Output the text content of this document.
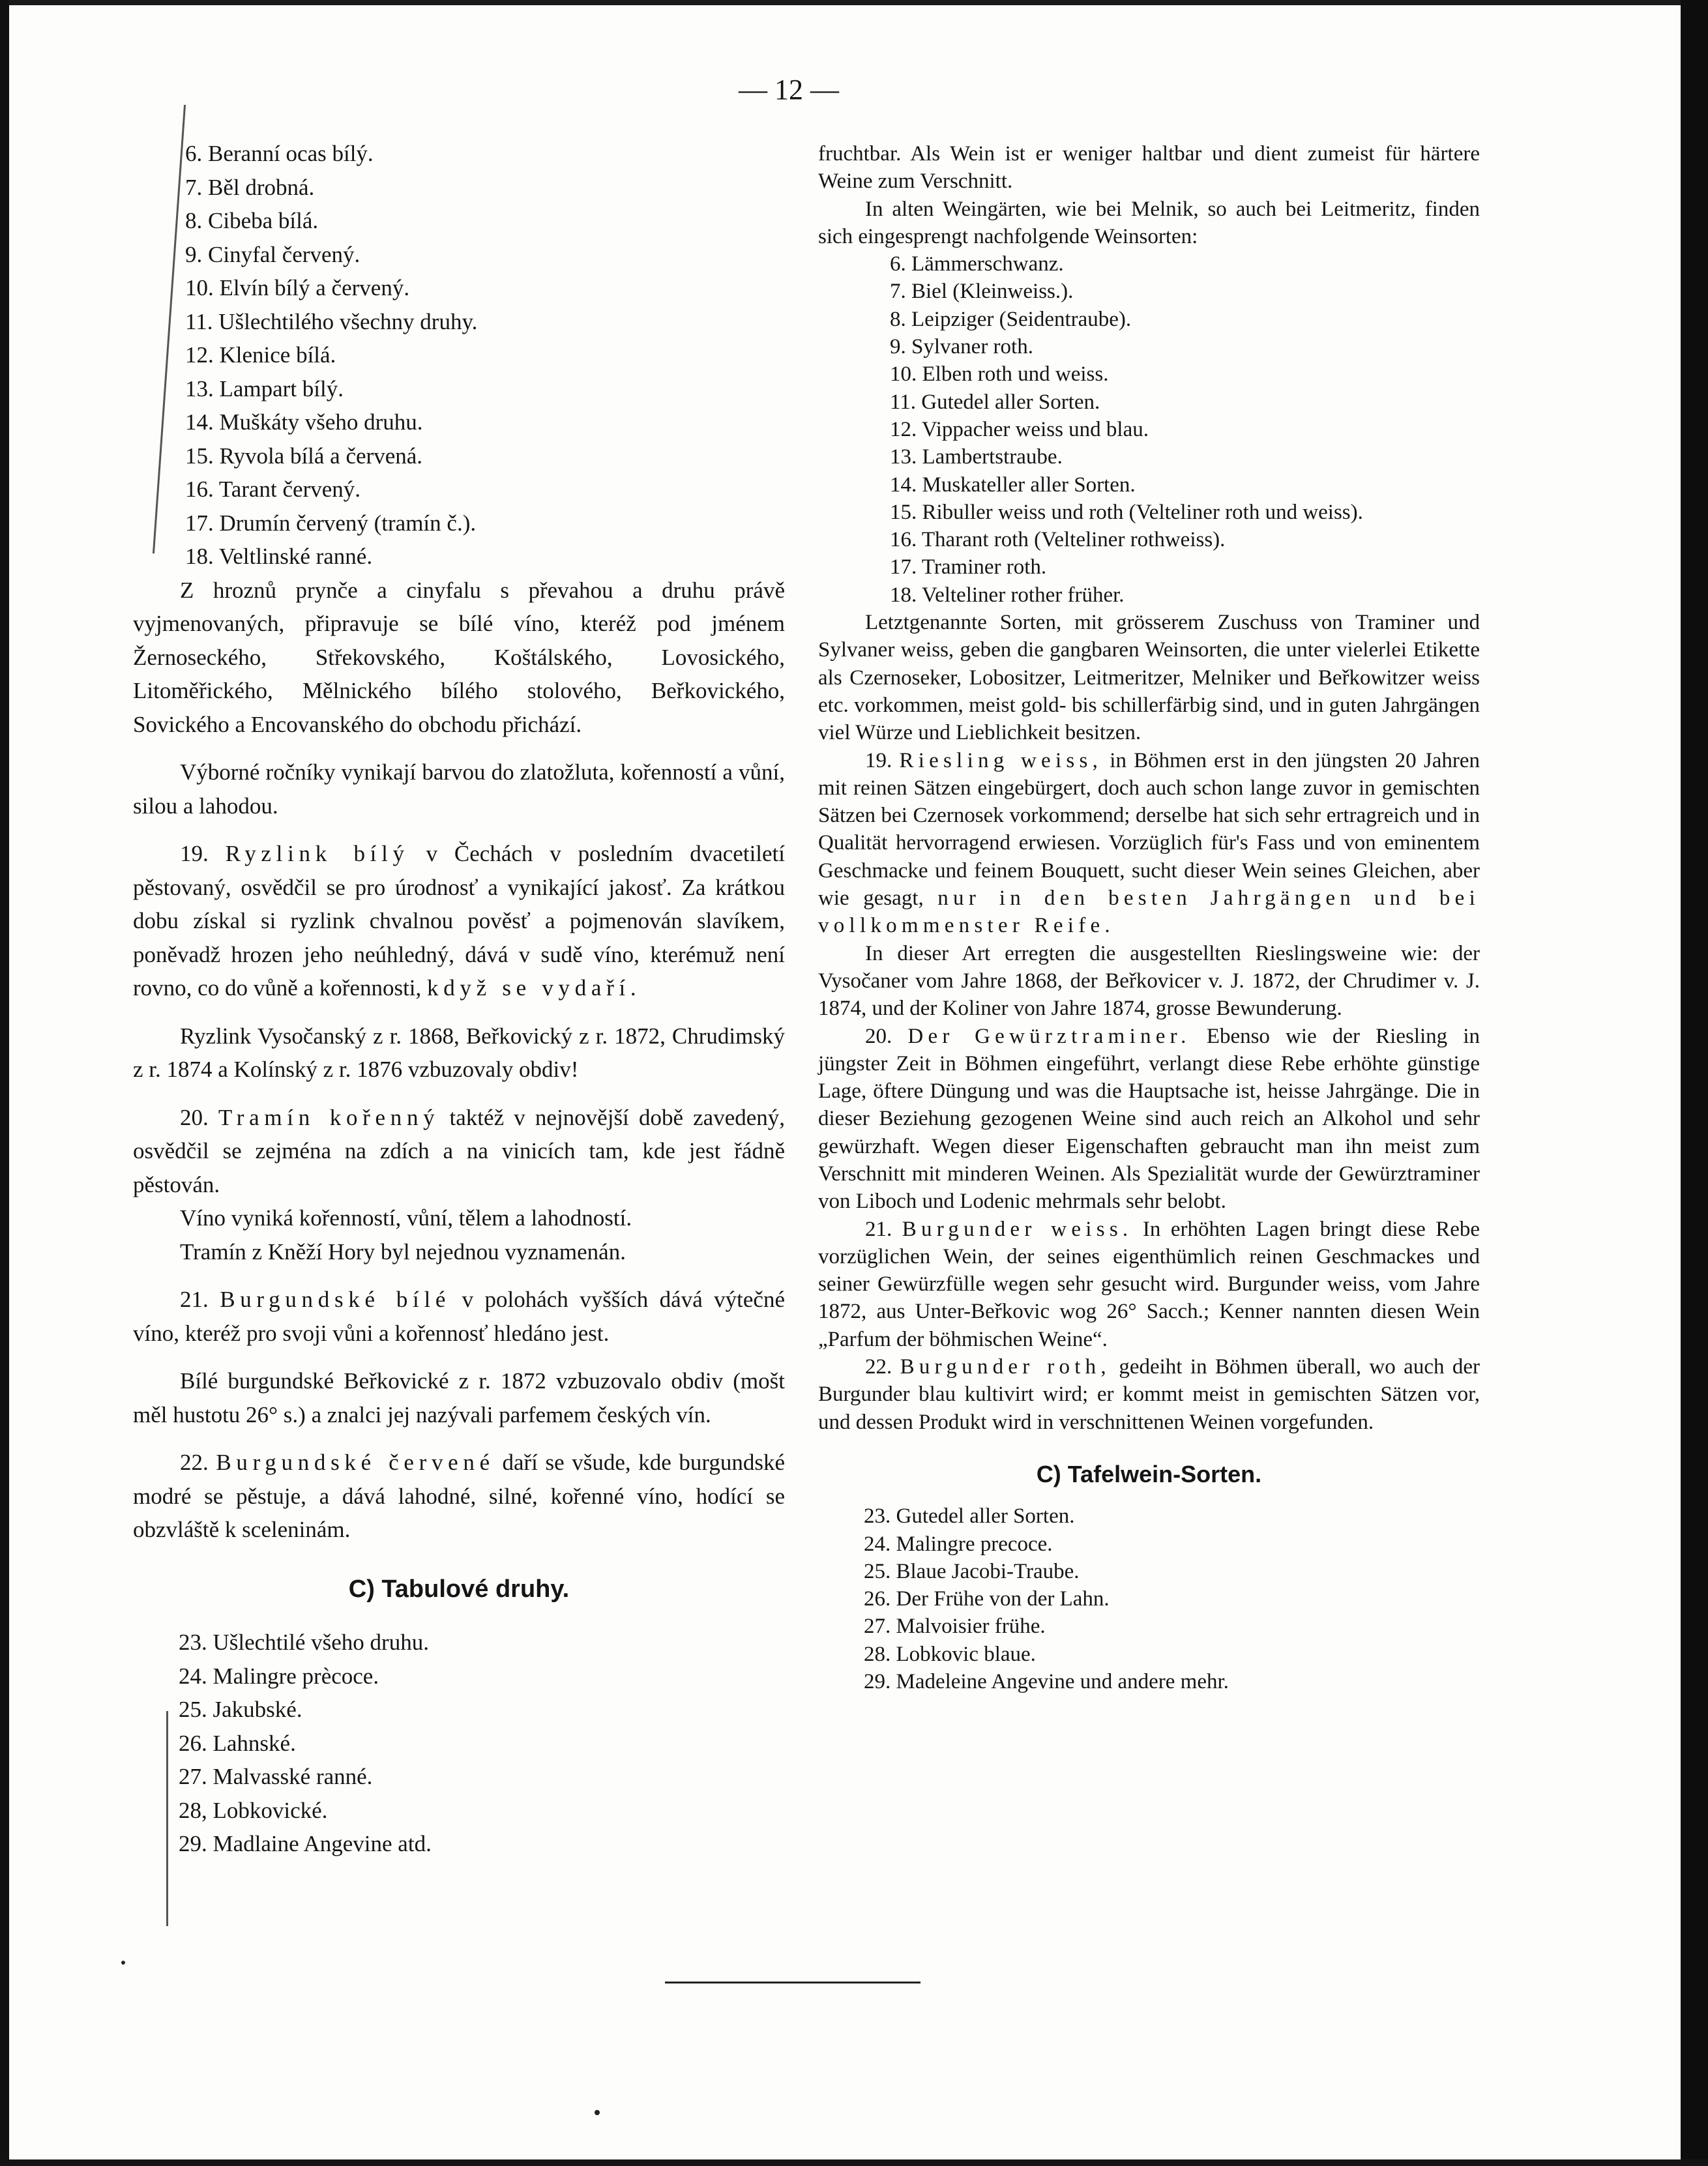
— 12 —

6. Beranní ocas bílý.

7. Běl drobná.

8. Cibeba bílá.

9. Cinyfal červený.

10. Elvín bílý a červený.

11. Ušlechtilého všechny druhy.

12. Klenice bílá.

13. Lampart bílý.

14. Muškáty všeho druhu.

15. Ryvola bílá a červená.

16. Tarant červený.

17. Drumín červený (tramín č.).

18. Veltlinské ranné.

Z hroznů prynče a cinyfalu s převahou a druhu právě vyjmenovaných, připravuje se bílé víno, kteréž pod jménem Žernoseckého, Střekovského, Koštálského, Lovosického, Litoměřického, Mělnického bílého stolového, Beřkovického, Sovického a Encovanského do obchodu přichází.

Výborné ročníky vynikají barvou do zlatožluta, kořenností a vůní, silou a lahodou.

19. Ryzlink bílý v Čechách v posledním dvacetiletí pěstovaný, osvědčil se pro úrodnosť a vynikající jakosť. Za krátkou dobu získal si ryzlink chvalnou pověsť a pojmenován slavíkem, poněvadž hrozen jeho neúhledný, dává v sudě víno, kterémuž není rovno, co do vůně a kořennosti, když se vydaří.

Ryzlink Vysočanský z r. 1868, Beřkovický z r. 1872, Chrudimský z r. 1874 a Kolínský z r. 1876 vzbuzovaly obdiv!

20. Tramín kořenný taktéž v nejnovější době zavedený, osvědčil se zejména na zdích a na vinicích tam, kde jest řádně pěstován.

Víno vyniká kořenností, vůní, tělem a lahodností.

Tramín z Kněží Hory byl nejednou vyznamenán.

21. Burgundské bílé v polohách vyšších dává výtečné víno, kteréž pro svoji vůni a kořennosť hledáno jest.

Bílé burgundské Beřkovické z r. 1872 vzbuzovalo obdiv (mošt měl hustotu 26° s.) a znalci jej nazývali parfemem českých vín.

22. Burgundské červené daří se všude, kde burgundské modré se pěstuje, a dává lahodné, silné, kořenné víno, hodící se obzvláště k sceleninám.

C) Tabulové druhy.

23. Ušlechtilé všeho druhu.

24. Malingre prècoce.

25. Jakubské.

26. Lahnské.

27. Malvasské ranné.

28, Lobkovické.

29. Madlaine Angevine atd.

fruchtbar. Als Wein ist er weniger haltbar und dient zumeist für härtere Weine zum Verschnitt.

In alten Weingärten, wie bei Melnik, so auch bei Leitmeritz, finden sich eingesprengt nachfolgende Weinsorten:

6. Lämmerschwanz.

7. Biel (Kleinweiss.).

8. Leipziger (Seidentraube).

9. Sylvaner roth.

10. Elben roth und weiss.

11. Gutedel aller Sorten.

12. Vippacher weiss und blau.

13. Lambertstraube.

14. Muskateller aller Sorten.

15. Ribuller weiss und roth (Velteliner roth und weiss).

16. Tharant roth (Velteliner rothweiss).

17. Traminer roth.

18. Velteliner rother früher.

Letztgenannte Sorten, mit grösserem Zuschuss von Traminer und Sylvaner weiss, geben die gangbaren Weinsorten, die unter vielerlei Etikette als Czernoseker, Lobositzer, Leitmeritzer, Melniker und Beřkowitzer weiss etc. vorkommen, meist gold- bis schillerfärbig sind, und in guten Jahrgängen viel Würze und Lieblichkeit besitzen.

19. Riesling weiss, in Böhmen erst in den jüngsten 20 Jahren mit reinen Sätzen eingebürgert, doch auch schon lange zuvor in gemischten Sätzen bei Czernosek vorkommend; derselbe hat sich sehr ertragreich und in Qualität hervorragend erwiesen. Vorzüglich für's Fass und von eminentem Geschmacke und feinem Bouquett, sucht dieser Wein seines Gleichen, aber wie gesagt, nur in den besten Jahrgängen und bei vollkommenster Reife.

In dieser Art erregten die ausgestellten Rieslingsweine wie: der Vysočaner vom Jahre 1868, der Beřkovicer v. J. 1872, der Chrudimer v. J. 1874, und der Koliner von Jahre 1874, grosse Bewunderung.

20. Der Gewürztraminer. Ebenso wie der Riesling in jüngster Zeit in Böhmen eingeführt, verlangt diese Rebe erhöhte günstige Lage, öftere Düngung und was die Hauptsache ist, heisse Jahrgänge. Die in dieser Beziehung gezogenen Weine sind auch reich an Alkohol und sehr gewürzhaft. Wegen dieser Eigenschaften gebraucht man ihn meist zum Verschnitt mit minderen Weinen. Als Spezialität wurde der Gewürztraminer von Liboch und Lodenic mehrmals sehr belobt.

21. Burgunder weiss. In erhöhten Lagen bringt diese Rebe vorzüglichen Wein, der seines eigenthümlich reinen Geschmackes und seiner Gewürzfülle wegen sehr gesucht wird. Burgunder weiss, vom Jahre 1872, aus Unter-Beřkovic wog 26° Sacch.; Kenner nannten diesen Wein „Parfum der böhmischen Weine“.

22. Burgunder roth, gedeiht in Böhmen überall, wo auch der Burgunder blau kultivirt wird; er kommt meist in gemischten Sätzen vor, und dessen Produkt wird in verschnittenen Weinen vorgefunden.

C) Tafelwein-Sorten.

23. Gutedel aller Sorten.

24. Malingre precoce.

25. Blaue Jacobi-Traube.

26. Der Frühe von der Lahn.

27. Malvoisier frühe.

28. Lobkovic blaue.

29. Madeleine Angevine und andere mehr.
